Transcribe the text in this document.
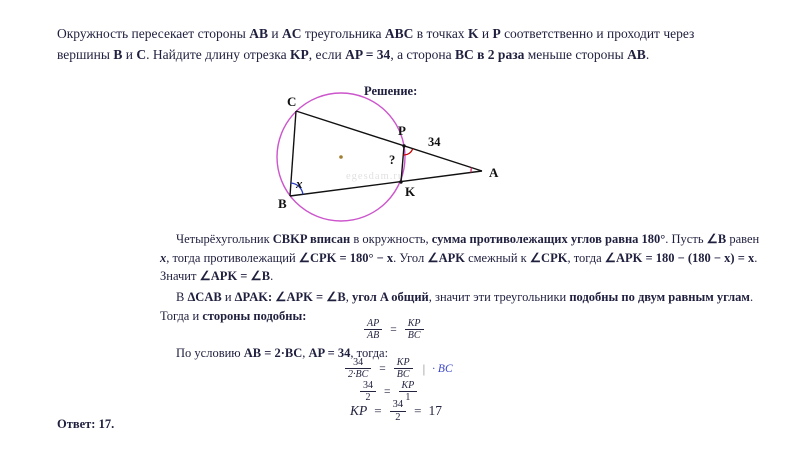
Окружность пересекает стороны AB и AC треугольника ABC в точках K и P соответственно и проходит через вершины B и C. Найдите длину отрезка KP, если AP = 34, а сторона BC в 2 раза меньше стороны AB.

Решение:
C
B
A
P
K
34
?
x	egesdam.ru

Четырёхугольник CBKP вписан в окружность, сумма противолежащих углов равна 180°. Пусть ∠B равен x, тогда противолежащий ∠CPK = 180° − x. Угол ∠APK смежный к ∠CPK, тогда ∠APK = 180 − (180 − x) = x. Значит ∠APK = ∠B.

В ΔCAB и ΔPAK: ∠APK = ∠B, угол A общий, значит эти треугольники подобны по двум равным углам. Тогда и стороны подобны:

$\frac{AP}{AB} = \frac{KP}{BC}$

По условию AB = 2·BC, AP = 34, тогда:

$\frac{34}{2\cdot BC} = \frac{KP}{BC}$ | · BC
$\frac{34}{2} = \frac{KP}{1}$
KP = $\frac{34}{2} = 17$
Ответ: 17.
